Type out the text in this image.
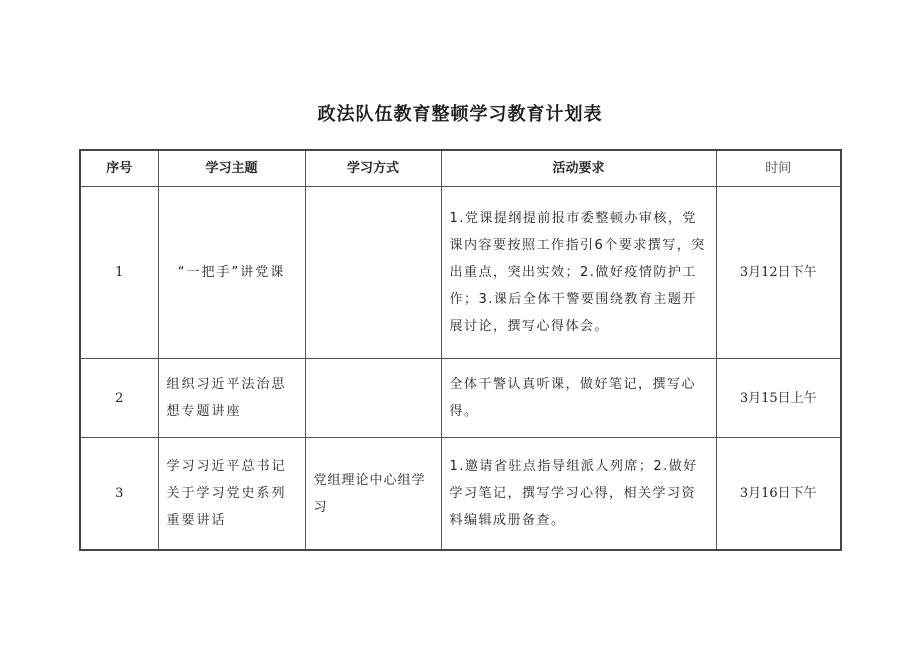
政法队伍教育整顿学习教育计划表
序号	学习主题	学习方式	活动要求	时间
1	“一把手”讲党课		1.党课提纲提前报市委整顿办审核，党课内容要按照工作指引6个要求撰写，突出重点，突出实效；2.做好疫情防护工作；3.课后全体干警要围绕教育主题开展讨论，撰写心得体会。	3月12日下午
2	组织习近平法治思想专题讲座		全体干警认真听课，做好笔记，撰写心得。	3月15日上午
3	学习习近平总书记关于学习党史系列重要讲话	党组理论中心组学习	1.邀请省驻点指导组派人列席；2.做好学习笔记，撰写学习心得，相关学习资料编辑成册备查。	3月16日下午
